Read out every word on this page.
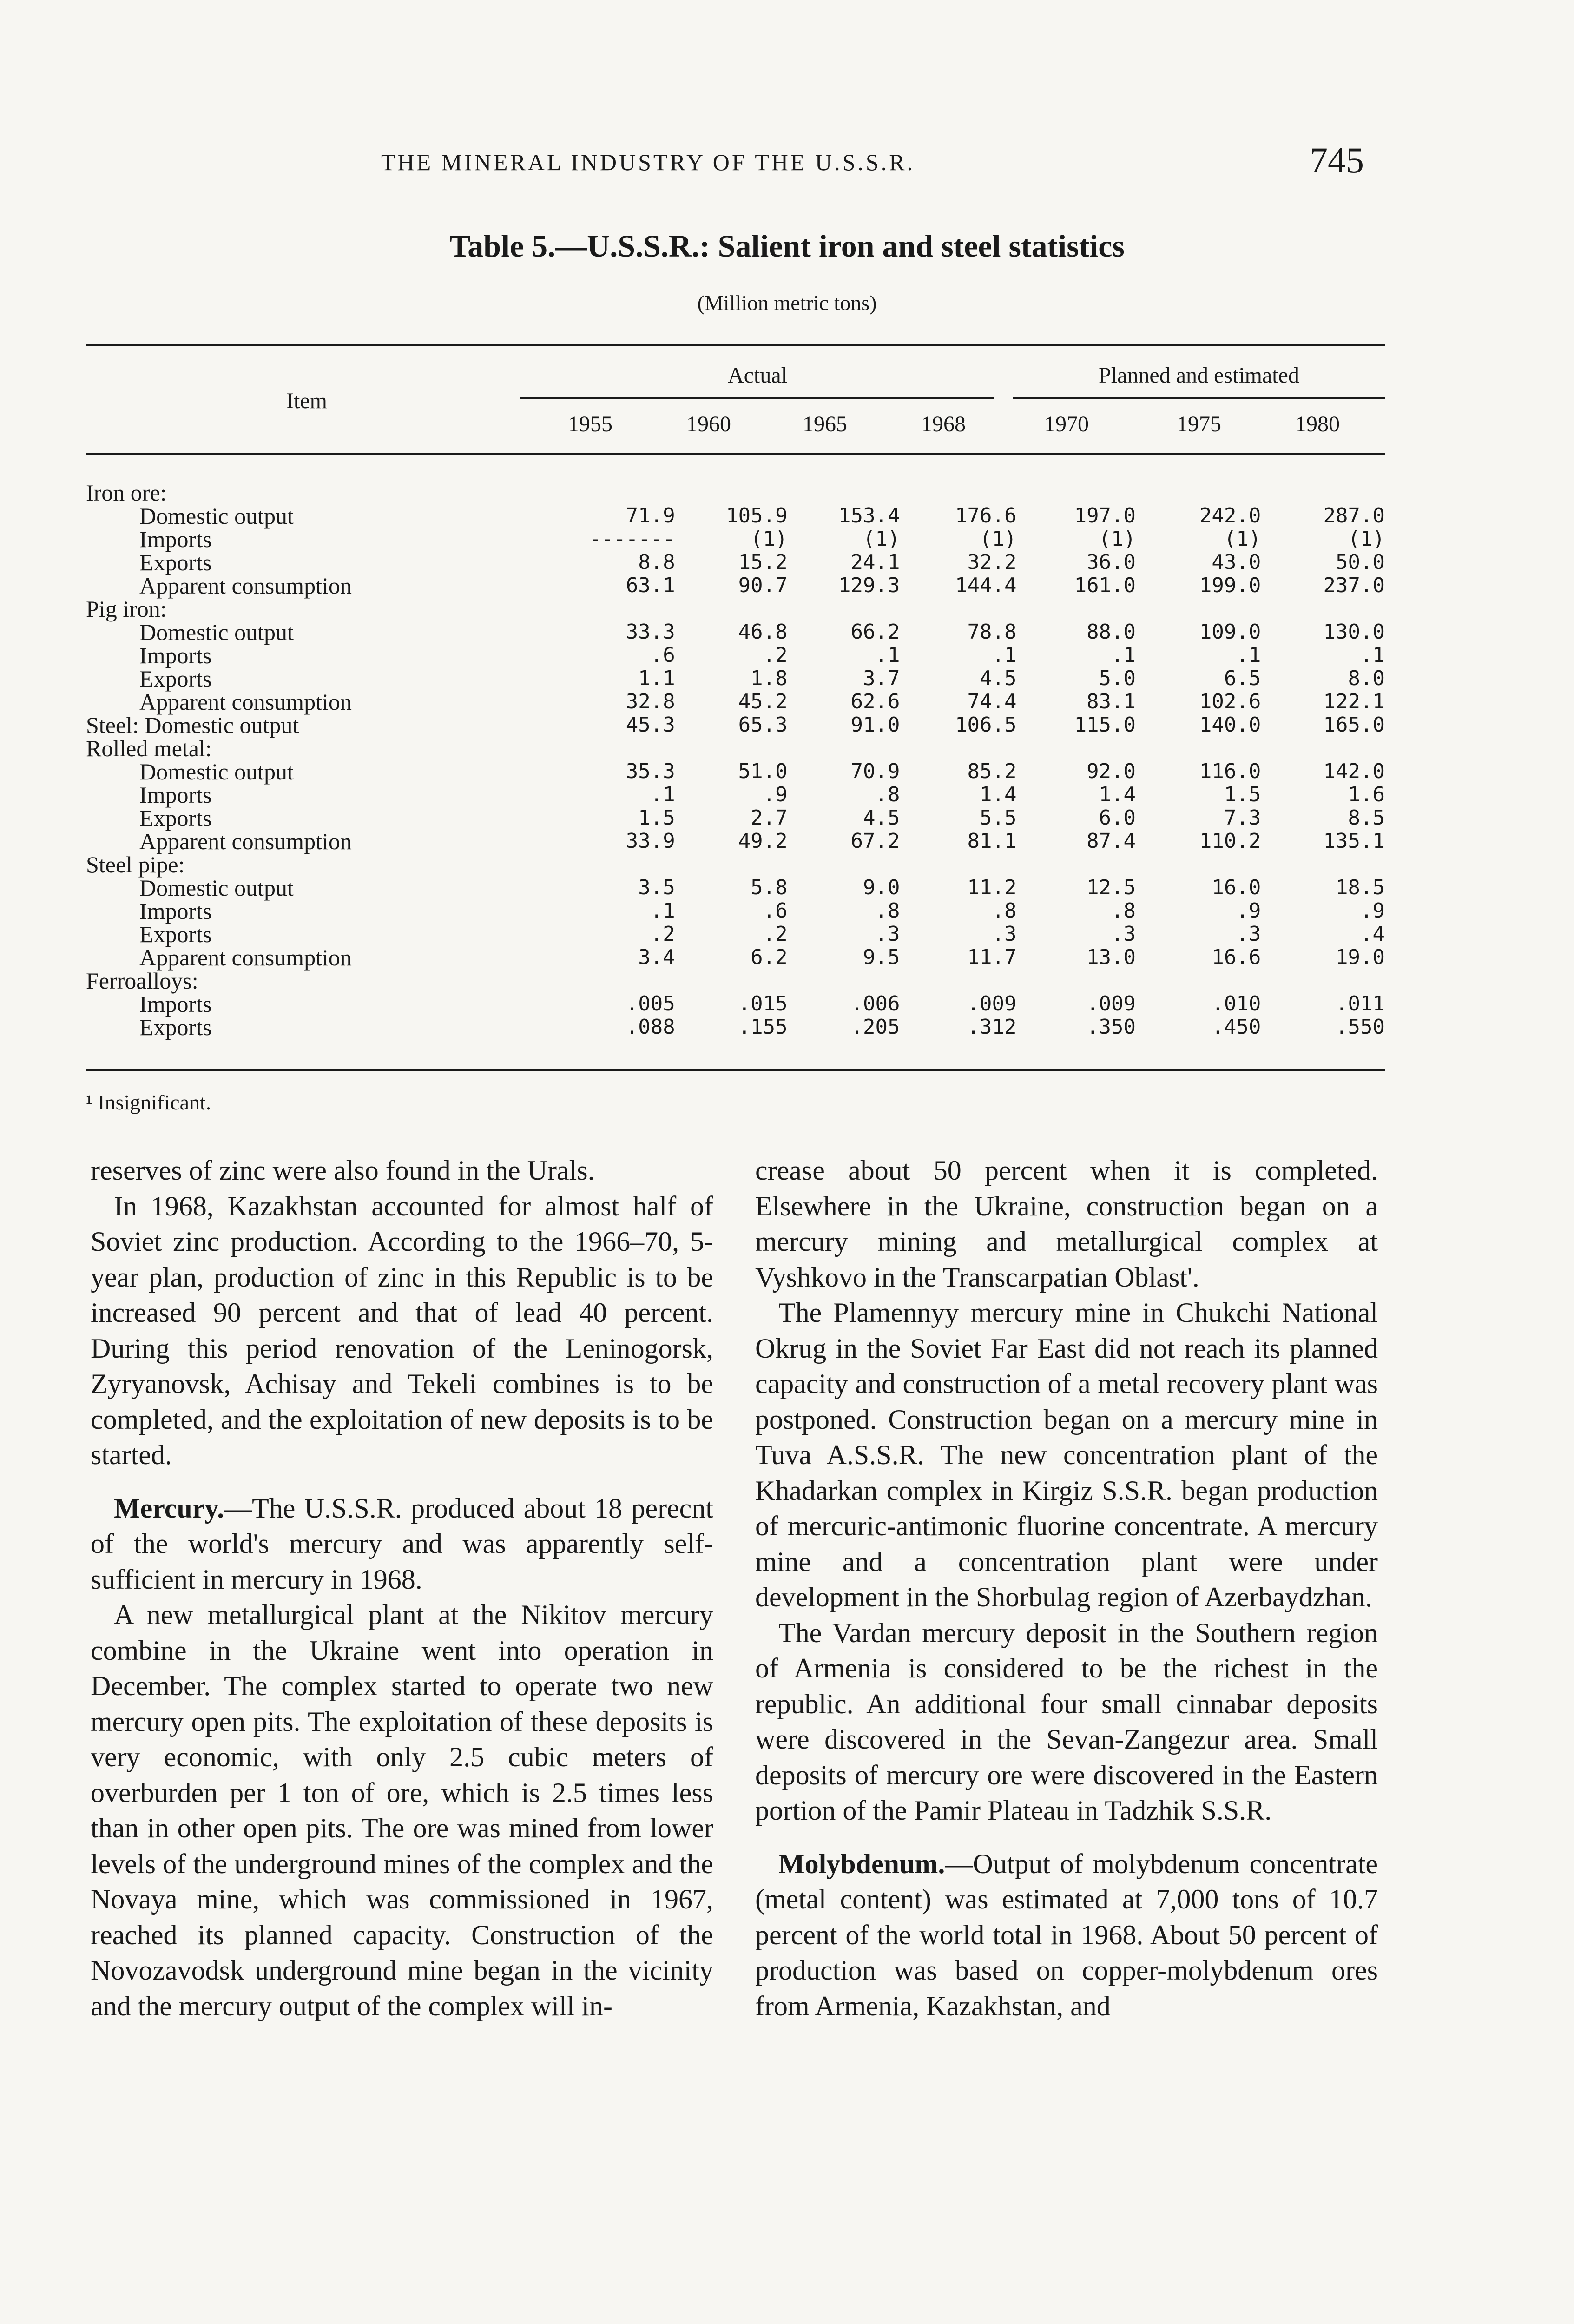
THE MINERAL INDUSTRY OF THE U.S.S.R.	745
Table 5.—U.S.S.R.: Salient iron and steel statistics
(Million metric tons)
Item
Actual	Planned and estimated
1955	1960	1965	1968	1970	1975	1980
Iron ore:							
Domestic output	71.9	105.9	153.4	176.6	197.0	242.0	287.0
Imports	-------	(1)	(1)	(1)	(1)	(1)	(1)
Exports	8.8	15.2	24.1	32.2	36.0	43.0	50.0
Apparent consumption	63.1	90.7	129.3	144.4	161.0	199.0	237.0
Pig iron:							
Domestic output	33.3	46.8	66.2	78.8	88.0	109.0	130.0
Imports	.6	.2	.1	.1	.1	.1	.1
Exports	1.1	1.8	3.7	4.5	5.0	6.5	8.0
Apparent consumption	32.8	45.2	62.6	74.4	83.1	102.6	122.1
Steel: Domestic output	45.3	65.3	91.0	106.5	115.0	140.0	165.0
Rolled metal:							
Domestic output	35.3	51.0	70.9	85.2	92.0	116.0	142.0
Imports	.1	.9	.8	1.4	1.4	1.5	1.6
Exports	1.5	2.7	4.5	5.5	6.0	7.3	8.5
Apparent consumption	33.9	49.2	67.2	81.1	87.4	110.2	135.1
Steel pipe:							
Domestic output	3.5	5.8	9.0	11.2	12.5	16.0	18.5
Imports	.1	.6	.8	.8	.8	.9	.9
Exports	.2	.2	.3	.3	.3	.3	.4
Apparent consumption	3.4	6.2	9.5	11.7	13.0	16.6	19.0
Ferroalloys:							
Imports	.005	.015	.006	.009	.009	.010	.011
Exports	.088	.155	.205	.312	.350	.450	.550
¹ Insignificant.

reserves of zinc were also found in the Urals.

In 1968, Kazakhstan accounted for almost half of Soviet zinc production. According to the 1966–70, 5-year plan, production of zinc in this Republic is to be increased 90 percent and that of lead 40 percent. During this period renovation of the Leninogorsk, Zyryanovsk, Achisay and Tekeli combines is to be completed, and the exploitation of new deposits is to be started.

Mercury.—The U.S.S.R. produced about 18 perecnt of the world's mercury and was apparently self-sufficient in mercury in 1968.

A new metallurgical plant at the Nikitov mercury combine in the Ukraine went into operation in December. The complex started to operate two new mercury open pits. The exploitation of these deposits is very economic, with only 2.5 cubic meters of overburden per 1 ton of ore, which is 2.5 times less than in other open pits. The ore was mined from lower levels of the underground mines of the complex and the Novaya mine, which was commissioned in 1967, reached its planned capacity. Construction of the Novozavodsk underground mine began in the vicinity and the mercury output of the complex will in-

crease about 50 percent when it is completed. Elsewhere in the Ukraine, construction began on a mercury mining and metallurgical complex at Vyshkovo in the Transcarpatian Oblast'.

The Plamennyy mercury mine in Chukchi National Okrug in the Soviet Far East did not reach its planned capacity and construction of a metal recovery plant was postponed. Construction began on a mercury mine in Tuva A.S.S.R. The new concentration plant of the Khadarkan complex in Kirgiz S.S.R. began production of mercuric-antimonic fluorine concentrate. A mercury mine and a concentration plant were under development in the Shorbulag region of Azerbaydzhan.

The Vardan mercury deposit in the Southern region of Armenia is considered to be the richest in the republic. An additional four small cinnabar deposits were discovered in the Sevan-Zangezur area. Small deposits of mercury ore were discovered in the Eastern portion of the Pamir Plateau in Tadzhik S.S.R.

Molybdenum.—Output of molybdenum concentrate (metal content) was estimated at 7,000 tons of 10.7 percent of the world total in 1968. About 50 percent of production was based on copper-molybdenum ores from Armenia, Kazakhstan, and
